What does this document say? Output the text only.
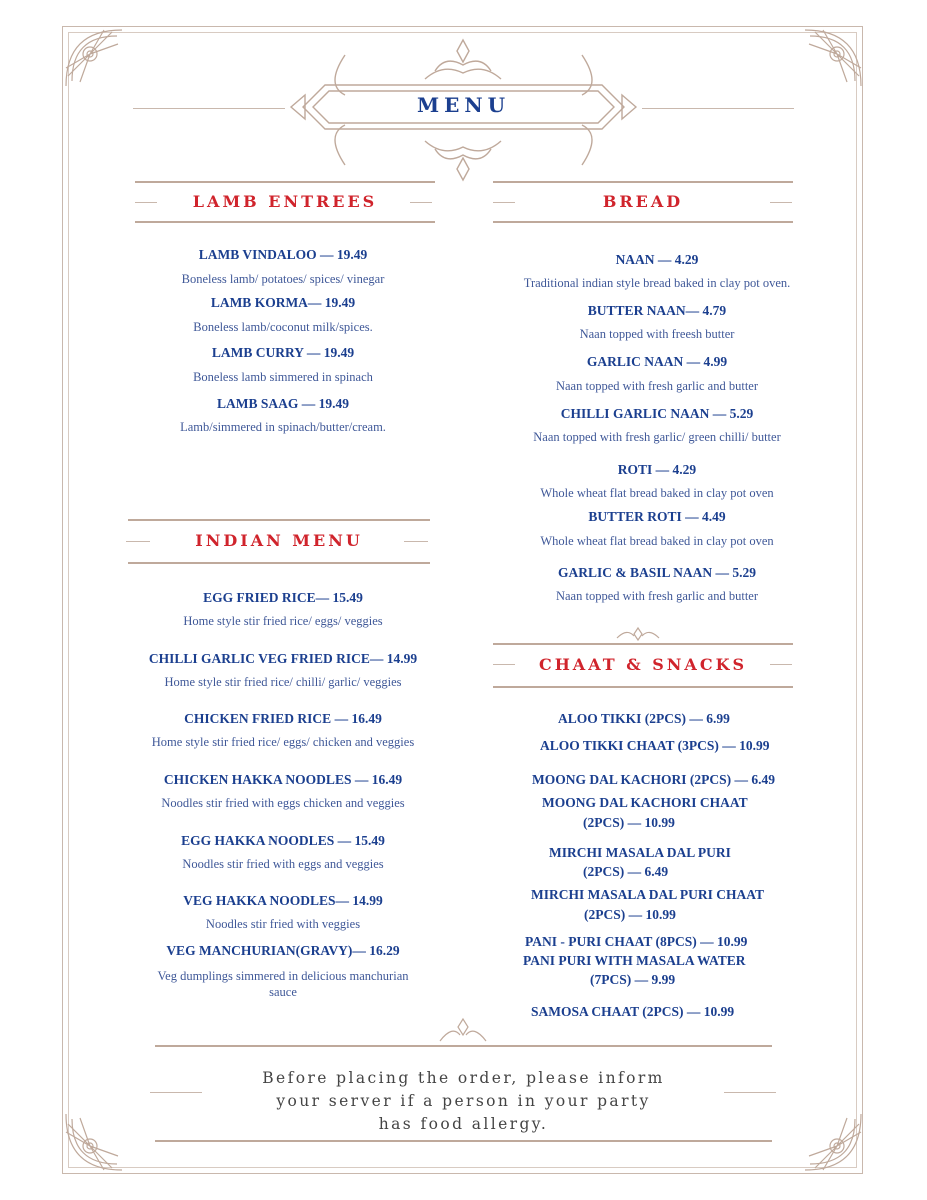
MENU
LAMB ENTREES
LAMB VINDALOO — 19.49
Boneless lamb/ potatoes/ spices/ vinegar
LAMB KORMA— 19.49
Boneless lamb/coconut milk/spices.
LAMB CURRY — 19.49
Boneless lamb simmered in spinach
LAMB SAAG — 19.49
Lamb/simmered in spinach/butter/cream.
BREAD
NAAN — 4.29
Traditional indian style bread baked in clay pot oven.
BUTTER NAAN— 4.79
Naan topped with freesh butter
GARLIC NAAN — 4.99
Naan topped with fresh garlic and butter
CHILLI GARLIC NAAN — 5.29
Naan topped with fresh garlic/ green chilli/ butter
ROTI — 4.29
Whole wheat flat bread baked in clay pot oven
BUTTER ROTI — 4.49
Whole wheat flat bread baked in clay pot oven
GARLIC & BASIL NAAN — 5.29
Naan topped with fresh garlic and butter
INDIAN MENU
EGG FRIED RICE— 15.49
Home style stir fried rice/ eggs/ veggies
CHILLI GARLIC VEG FRIED RICE— 14.99
Home style stir fried rice/ chilli/ garlic/ veggies
CHICKEN FRIED RICE — 16.49
Home style stir fried rice/ eggs/ chicken and veggies
CHICKEN HAKKA NOODLES — 16.49
Noodles stir fried with eggs chicken and veggies
EGG HAKKA NOODLES — 15.49
Noodles stir fried with eggs and veggies
VEG HAKKA NOODLES— 14.99
Noodles stir fried with veggies
VEG MANCHURIAN(GRAVY)— 16.29
Veg dumplings simmered in delicious manchurian
sauce
CHAAT & SNACKS
ALOO TIKKI (2PCS) — 6.99
ALOO TIKKI CHAAT (3PCS) — 10.99
MOONG DAL KACHORI (2PCS) — 6.49
MOONG DAL KACHORI CHAAT
(2PCS) — 10.99
MIRCHI MASALA DAL PURI
(2PCS) — 6.49
MIRCHI MASALA DAL PURI CHAAT
(2PCS) — 10.99
PANI - PURI CHAAT (8PCS) — 10.99
PANI PURI WITH MASALA WATER
(7PCS) — 9.99
SAMOSA CHAAT (2PCS) — 10.99
Before placing the order, please inform
your server if a person in your party
has food allergy.
